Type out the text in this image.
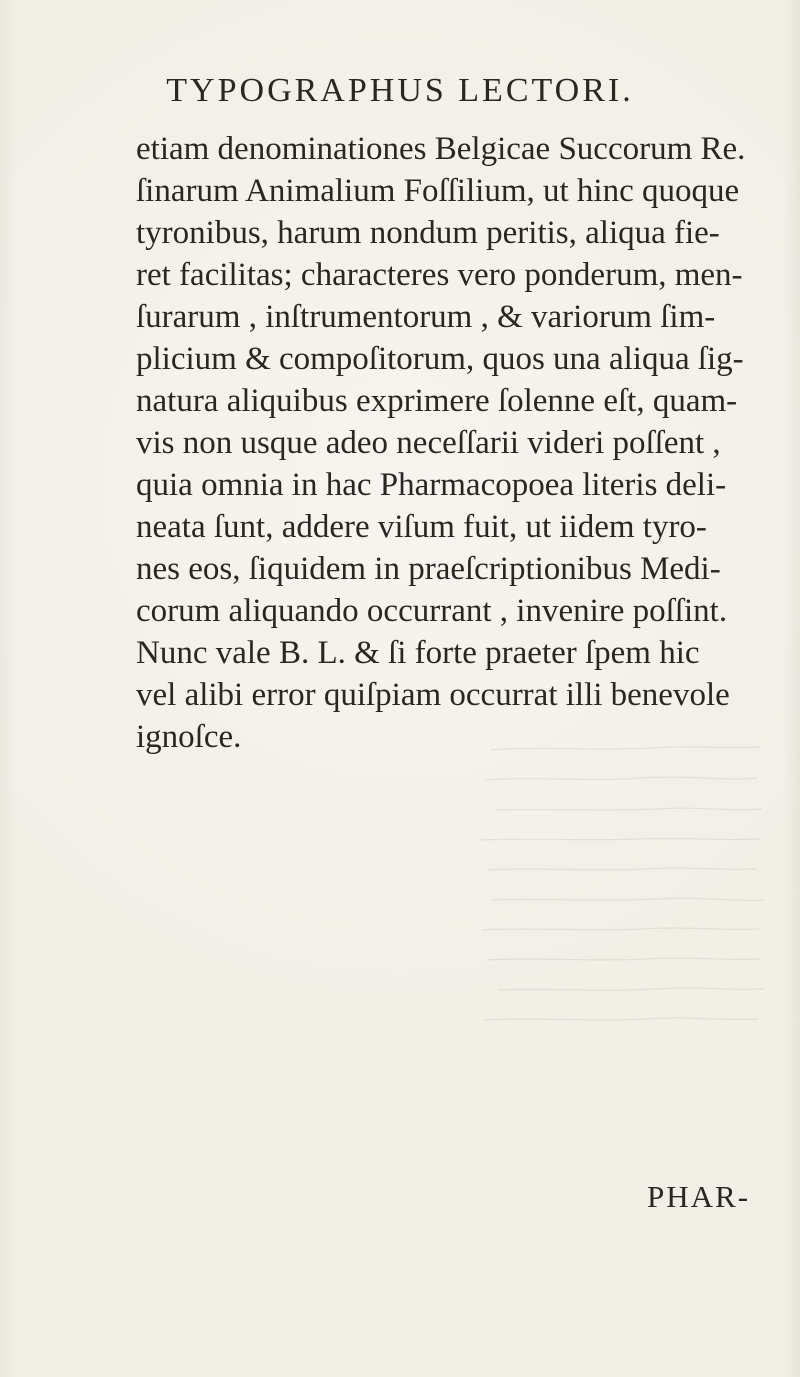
TYPOGRAPHUS LECTORI.
etiam denominationes Belgicae Succorum Re.
ſinarum Animalium Foſſilium, ut hinc quoque
tyronibus, harum nondum peritis, aliqua fie-
ret facilitas; characteres vero ponderum, men-
ſurarum , inſtrumentorum , & variorum ſim-
plicium & compoſitorum, quos una aliqua ſig-
natura aliquibus exprimere ſolenne eſt, quam-
vis non usque adeo neceſſarii videri poſſent ,
quia omnia in hac Pharmacopoea literis deli-
neata ſunt, addere viſum fuit, ut iidem tyro-
nes eos, ſiquidem in praeſcriptionibus Medi-
corum aliquando occurrant , invenire poſſint.
Nunc vale B. L. & ſi forte praeter ſpem hic
vel alibi error quiſpiam occurrat illi benevole
ignoſce.
PHAR-
